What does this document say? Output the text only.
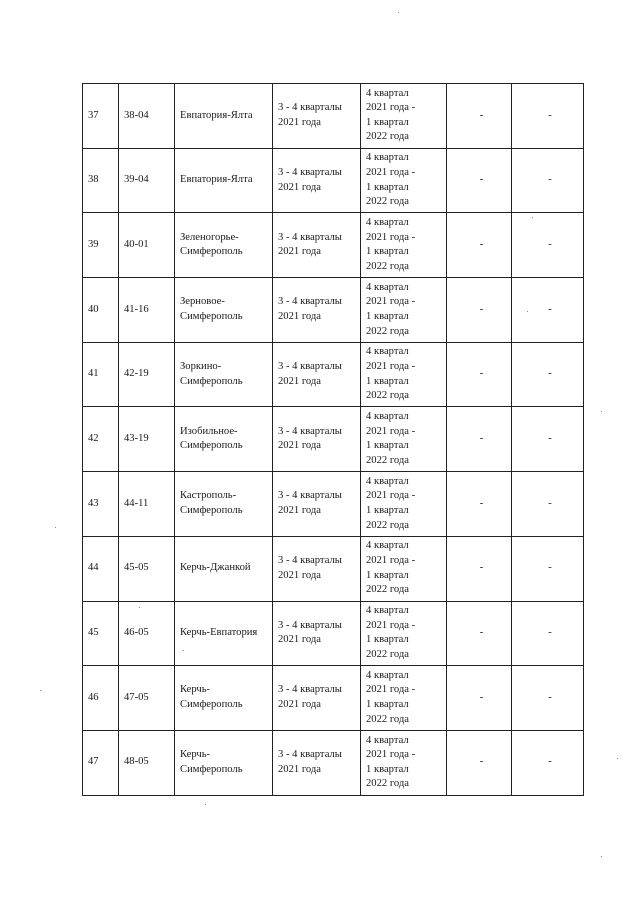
37	38-04	Евпатория-Ялта	3 - 4 кварталы
2021 года	4 квартал
2021 года -
1 квартал
2022 года	-	-
38	39-04	Евпатория-Ялта	3 - 4 кварталы
2021 года	4 квартал
2021 года -
1 квартал
2022 года	-	-
39	40-01	Зеленогорье-
Симферополь	3 - 4 кварталы
2021 года	4 квартал
2021 года -
1 квартал
2022 года	-	-
40	41-16	Зерновое-
Симферополь	3 - 4 кварталы
2021 года	4 квартал
2021 года -
1 квартал
2022 года	-	-
41	42-19	Зоркино-
Симферополь	3 - 4 кварталы
2021 года	4 квартал
2021 года -
1 квартал
2022 года	-	-
42	43-19	Изобильное-
Симферополь	3 - 4 кварталы
2021 года	4 квартал
2021 года -
1 квартал
2022 года	-	-
43	44-11	Кастрополь-
Симферополь	3 - 4 кварталы
2021 года	4 квартал
2021 года -
1 квартал
2022 года	-	-
44	45-05	Керчь-Джанкой	3 - 4 кварталы
2021 года	4 квартал
2021 года -
1 квартал
2022 года	-	-
45	46-05	Керчь-Евпатория	3 - 4 кварталы
2021 года	4 квартал
2021 года -
1 квартал
2022 года	-	-
46	47-05	Керчь-
Симферополь	3 - 4 кварталы
2021 года	4 квартал
2021 года -
1 квартал
2022 года	-	-
47	48-05	Керчь-
Симферополь	3 - 4 кварталы
2021 года	4 квартал
2021 года -
1 квартал
2022 года	-	-
